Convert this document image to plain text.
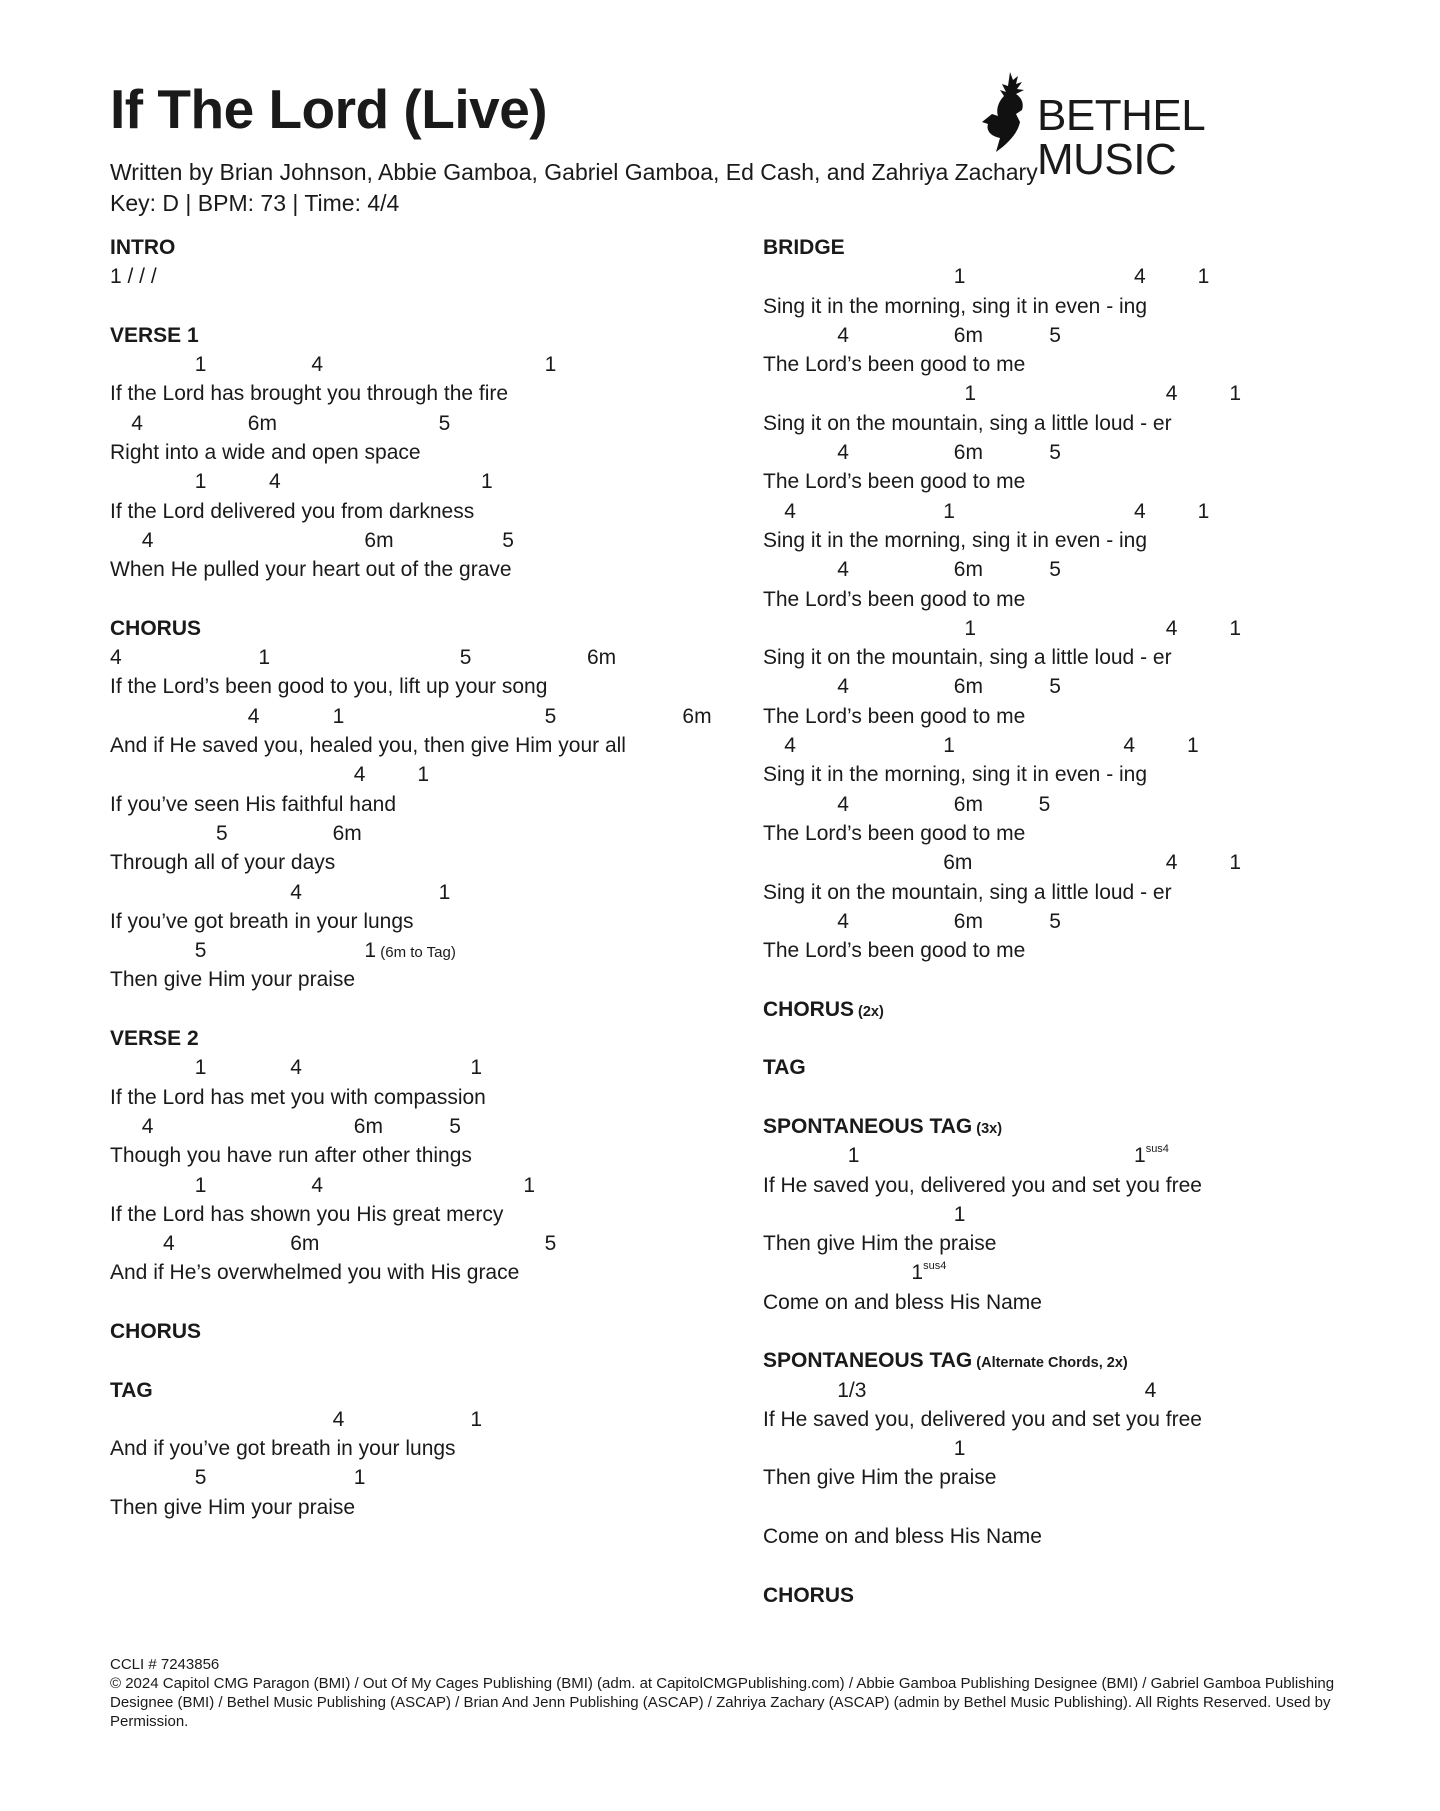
If The Lord (Live)
Written by Brian Johnson, Abbie Gamboa, Gabriel Gamboa, Ed Cash, and Zahriya Zachary
Key: D | BPM: 73 | Time: 4/4
BETHEL MUSIC
INTRO
1 / / /
VERSE 1
1	4	1
If the Lord has brought you through the fire
4	6m	5
Right into a wide and open space
1	4	1
If the Lord delivered you from darkness
4	6m	5
When He pulled your heart out of the grave
CHORUS
4	1	5	6m
If the Lord’s been good to you, lift up your song
4	1	5	6m
And if He saved you, healed you, then give Him your all
4 1
If you’ve seen His faithful hand
5	6m
Through all of your days
4	1
If you’ve got breath in your lungs
5	1 (6m to Tag)
Then give Him your praise
VERSE 2
1	4	1
If the Lord has met you with compassion
4	6m	5
Though you have run after other things
1	4	1
If the Lord has shown you His great mercy
4	6m	5
And if He’s overwhelmed you with His grace
CHORUS
TAG
4	1
And if you’ve got breath in your lungs
5	1
Then give Him your praise
BRIDGE
1	4 1
Sing it in the morning, sing it in even - ing
4	6m	5
The Lord’s been good to me
1	4 1
Sing it on the mountain, sing a little loud - er
4	6m	5
The Lord’s been good to me
4	1	4 1
Sing it in the morning, sing it in even - ing
4	6m	5
The Lord’s been good to me
1	4 1
Sing it on the mountain, sing a little loud - er
4	6m	5
The Lord’s been good to me
4	1	4 1
Sing it in the morning, sing it in even - ing
4	6m	5
The Lord’s been good to me
6m	4 1
Sing it on the mountain, sing a little loud - er
4	6m	5
The Lord’s been good to me
CHORUS (2x)
TAG
SPONTANEOUS TAG (3x)
1	$1^{sus4}$
If He saved you, delivered you and set you free
1
Then give Him the praise
$1^{sus4}$
Come on and bless His Name
SPONTANEOUS TAG (Alternate Chords, 2x)
1/3	4
If He saved you, delivered you and set you free
1
Then give Him the praise
Come on and bless His Name
CHORUS
CCLI # 7243856
© 2024 Capitol CMG Paragon (BMI) / Out Of My Cages Publishing (BMI) (adm. at CapitolCMGPublishing.com) / Abbie Gamboa Publishing Designee (BMI) / Gabriel Gamboa Publishing Designee (BMI) / Bethel Music Publishing (ASCAP) / Brian And Jenn Publishing (ASCAP) / Zahriya Zachary (ASCAP) (admin by Bethel Music Publishing). All Rights Reserved. Used by Permission.
